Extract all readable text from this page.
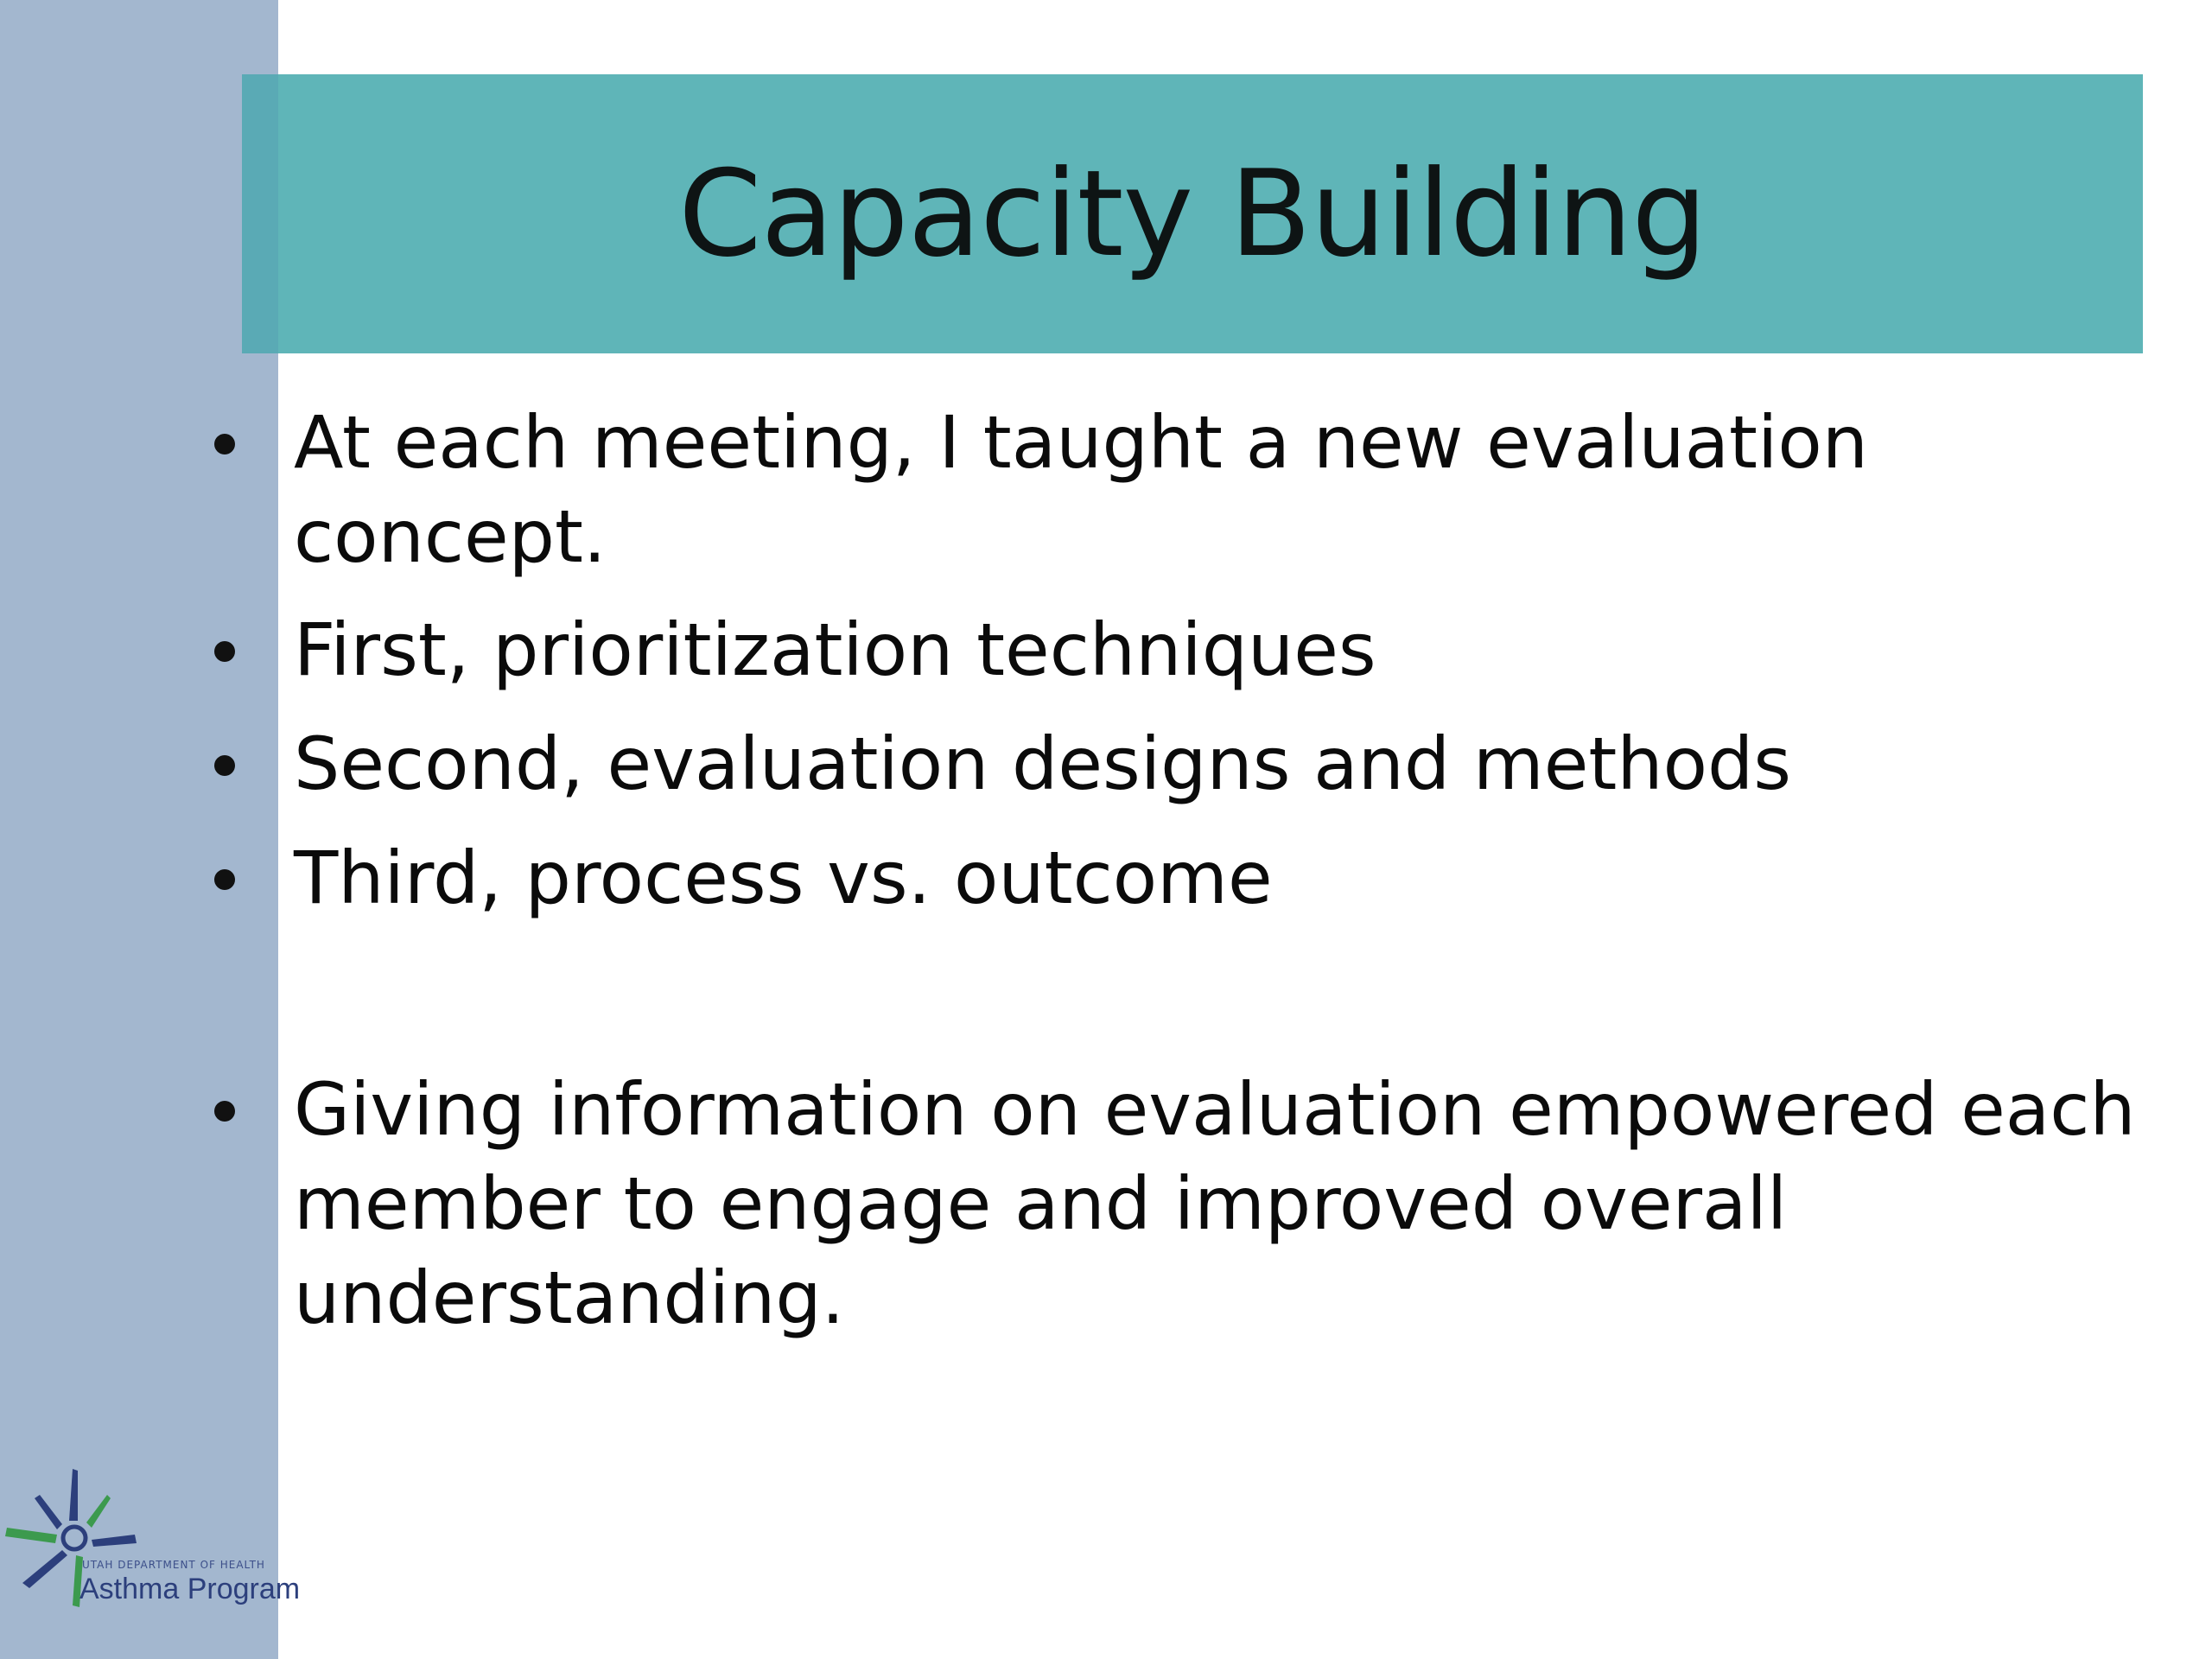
Capacity Building
At each meeting, I taught a new evaluation
concept.
First, prioritization techniques
Second, evaluation designs and methods
Third, process vs. outcome
Giving information on evaluation empowered each
member to engage and improved overall
understanding.
UTAH DEPARTMENT OF HEALTH
Asthma Program
